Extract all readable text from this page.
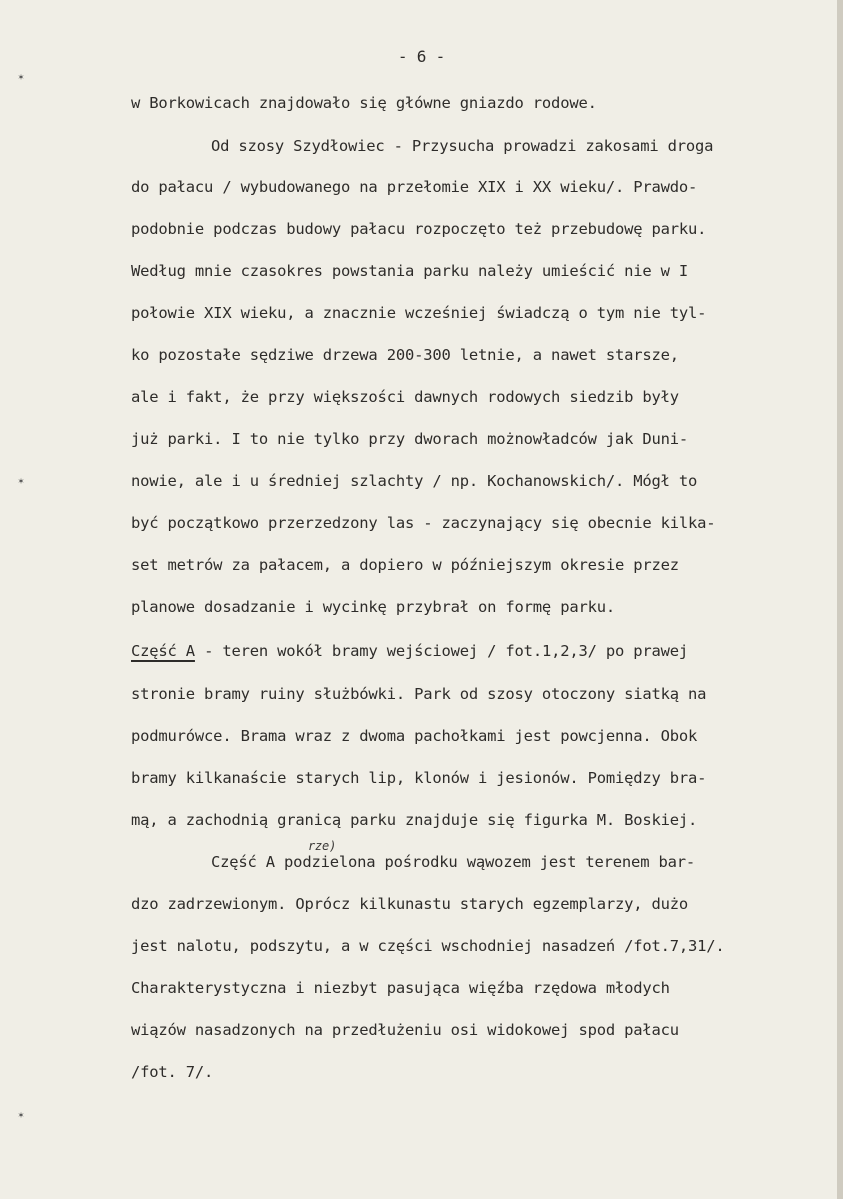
- 6 -
✶
✶
✶
w Borkowicach znajdowało się główne gniazdo rodowe.
Od szosy Szydłowiec - Przysucha prowadzi zakosami droga
do pałacu / wybudowanego na przełomie XIX i XX wieku/. Prawdo-
podobnie podczas budowy pałacu rozpoczęto też przebudowę parku.
Według mnie czasokres powstania parku należy umieścić nie w I
połowie XIX wieku, a znacznie wcześniej świadczą o tym nie tyl-
ko pozostałe sędziwe drzewa 200-300 letnie, a nawet starsze,
ale i fakt, że przy większości dawnych rodowych siedzib były
już parki. I to nie tylko przy dworach możnowładców jak Duni-
nowie, ale i u średniej szlachty / np. Kochanowskich/. Mógł to
być początkowo przerzedzony las - zaczynający się obecnie kilka-
set metrów za pałacem, a dopiero w późniejszym okresie przez
planowe dosadzanie i wycinkę przybrał on formę parku.
Część A - teren wokół bramy wejściowej / fot.1,2,3/ po prawej
stronie bramy ruiny służbówki. Park od szosy otoczony siatką na
podmurówce. Brama wraz z dwoma pachołkami jest powcjenna. Obok
bramy kilkanaście starych lip, klonów i jesionów. Pomiędzy bra-
mą, a zachodnią granicą parku znajduje się figurka M. Boskiej.
rze)
Część A podzielona pośrodku wąwozem jest terenem bar-
dzo zadrzewionym. Oprócz kilkunastu starych egzemplarzy, dużo
jest nalotu, podszytu, a w części wschodniej nasadzeń /fot.7,31/.
Charakterystyczna i niezbyt pasująca więźba rzędowa młodych
wiązów nasadzonych na przedłużeniu osi widokowej spod pałacu
/fot. 7/.
